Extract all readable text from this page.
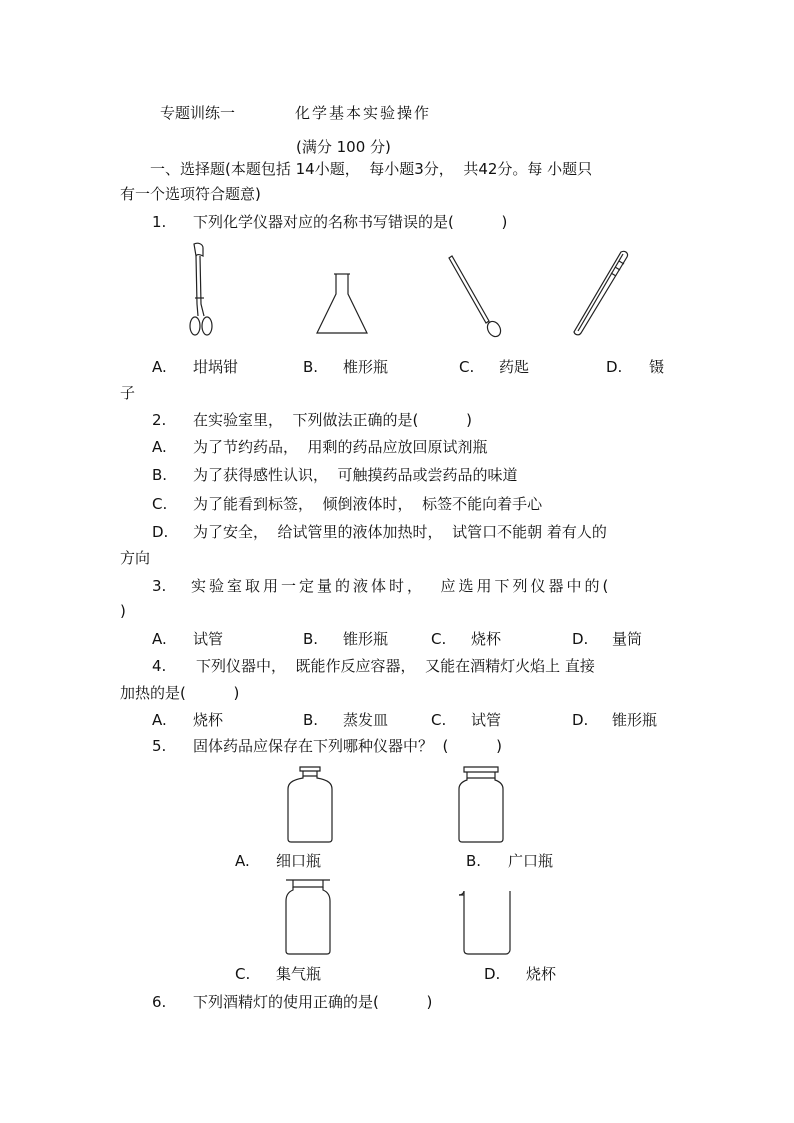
专题训练一	化学基本实验操作
(满分 100 分)
一、选择题(本题包括 14小题，  每小题3分，  共42分。每 小题只
有一个选项符合题意)
1. 下列化学仪器对应的名称书写错误的是(          )
A. 坩埚钳	B. 椎形瓶	C. 药匙	D. 镊
子
2. 在实验室里，  下列做法正确的是(          )
A. 为了节约药品，  用剩的药品应放回原试剂瓶
B. 为了获得感性认识，  可触摸药品或尝药品的味道
C. 为了能看到标签，  倾倒液体时，  标签不能向着手心
D. 为了安全，  给试管里的液体加热时，  试管口不能朝 着有人的
方向
3. 实验室取用一定量的液体时，  应选用下列仪器中的(
)
A. 试管	B. 锥形瓶	C. 烧杯	D. 量筒
4. 下列仪器中，  既能作反应容器，  又能在酒精灯火焰上 直接
加热的是(          )
A. 烧杯	B. 蒸发皿	C. 试管	D. 锥形瓶
5. 固体药品应保存在下列哪种仪器中？  (          )
A. 细口瓶	B. 广口瓶
C. 集气瓶	D. 烧杯
6. 下列酒精灯的使用正确的是(          )
